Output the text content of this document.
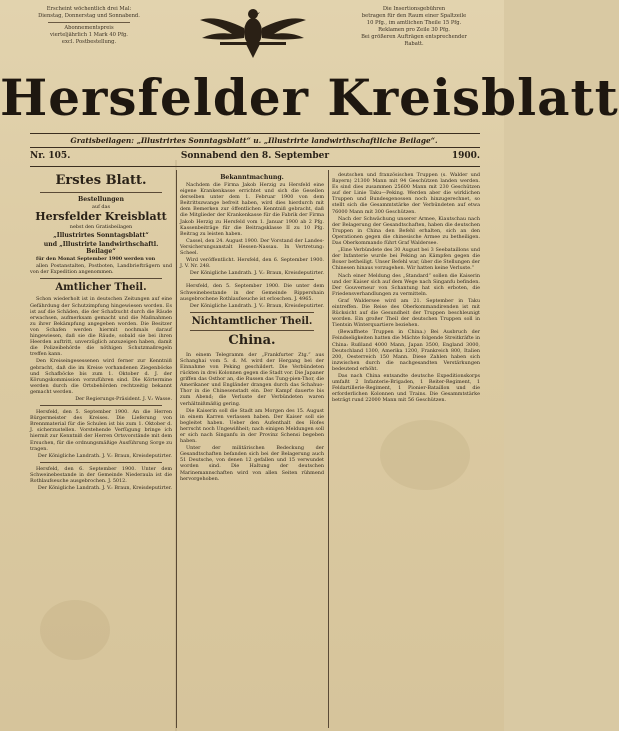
Erscheint wöchentlich drei Mal:

Dienstag, Donnerstag und Sonnabend.

Abonnementspreis

vierteljährlich 1 Mark 40 Pfg.

excl. Postbestellung.

Die Insertionsgebühren

betragen für den Raum einer Spaltzeile

10 Pfg., im amtlichen Theile 15 Pfg.

Reklamen pro Zeile 30 Pfg.

Bei größeren Aufträgen entsprechender

Rabatt.

Hersfelder Kreisblatt
Gratisbeilagen: „Illustrirtes Sonntagsblatt“ u. „Illustrirte landwirthschaftliche Beilage“.
Nr. 105.	Sonnabend den 8. September	1900.
Erstes Blatt.
Bestellungen
auf das
Hersfelder Kreisblatt
nebst den Gratisbeilagen
„Illustrirtes Sonntagsblatt“
und „Illustrirte landwirthschaftl. Beilage“

für den Monat September 1900 werden von

allen Postanstalten, Postboten, Landbriefträgern und von der Expedition angenommen.

Amtlicher Theil.

Schon wiederholt ist in deutschen Zeitungen auf eine Gefährdung der Schutzimpfung hingewiesen worden. Es ist auf die Schäden, die der Schafzucht durch die Räude erwachsen, aufmerksam gemacht und die Maßnahmen zu ihrer Bekämpfung angegeben worden. Die Besitzer von Schafen werden hiermit nochmals darauf hingewiesen, daß sie die Räude, sobald sie bei ihren Heerden auftritt, unverzüglich anzuzeigen haben, damit die Polizeibehörde die nöthigen Schutzmaßregeln treffen kann.

Den Kreiseingesessenen wird ferner zur Kenntniß gebracht, daß die im Kreise vorhandenen Ziegenböcke und Schafböcke bis zum 1. Oktober d. J. der Körungskommission vorzuführen sind. Die Körtermine werden durch die Ortsbehörden rechtzeitig bekannt gemacht werden.

Der Regierungs-Präsident. J. V.: Wasse.

Hersfeld, den 5. September 1900. An die Herren Bürgermeister des Kreises. Die Lieferung von Brennmaterial für die Schulen ist bis zum 1. Oktober d. J. sicherzustellen. Vorstehende Verfügung bringe ich hiermit zur Kenntniß der Herren Ortsvorstände mit dem Ersuchen, für die ordnungsmäßige Ausführung Sorge zu tragen.

Der Königliche Landrath. J. V.: Braun, Kreisdeputirter.

Hersfeld, den 6. September 1900. Unter dem Schweinebestande in der Gemeinde Niederaula ist die Rothlaufseuche ausgebrochen. J. 5012.

Der Königliche Landrath. J. V.: Braun, Kreisdeputirter.

Bekanntmachung.

Nachdem die Firma Jakob Herzig zu Hersfeld eine eigene Krankenkasse errichtet und sich die Gesellen derselben unter dem 1. Februar 1900 von dem Beitrittszwange befreit haben, wird dies hierdurch mit dem Bemerken zur öffentlichen Kenntniß gebracht, daß die Mitglieder der Krankenkasse für die Fabrik der Firma Jakob Herzig zu Hersfeld vom 1. Januar 1900 ab 2 Pfg. Kassenbeiträge für die Beitragsklasse II zu 10 Pfg. Beitrag zu leisten haben.

Cassel, den 24. August 1900. Der Vorstand der Landes-Versicherungsanstalt Hessen-Nassau. In Vertretung: Scheel.

Wird veröffentlicht. Hersfeld, den 6. September 1900. J. V. Nr. 248.

Der Königliche Landrath. J. V.: Braun, Kreisdeputirter.

Hersfeld, den 5. September 1900. Die unter dem Schweinebestande in der Gemeinde Rippershain ausgebrochene Rothlaufseuche ist erloschen. J. 4965.

Der Königliche Landrath. J. V.: Braun, Kreisdeputirter.

Nichtamtlicher Theil.
China.

In einem Telegramm der „Frankfurter Ztg.“ aus Schanghai vom 5. d. M. wird der Hergang bei der Einnahme von Peking geschildert. Die Verbündeten rückten in drei Kolonnen gegen die Stadt vor. Die Japaner griffen das Osthor an, die Russen das Tung-pien-Thor, die Amerikaner und Engländer drangen durch das Schahuo-Thor in die Chinesenstadt ein. Der Kampf dauerte bis zum Abend; die Verluste der Verbündeten waren verhältnißmäßig gering.

Die Kaiserin soll die Stadt am Morgen des 15. August in einem Karren verlassen haben. Der Kaiser soll sie begleitet haben. Ueber den Aufenthalt des Hofes herrscht noch Ungewißheit; nach einigen Meldungen soll er sich nach Singanfu in der Provinz Schensi begeben haben.

Unter der militärischen Bedeckung der Gesandtschaften befanden sich bei der Belagerung auch 51 Deutsche, von denen 12 gefallen und 15 verwundet worden sind. Die Haltung der deutschen Marinemannschaften wird von allen Seiten rühmend hervorgehoben.

deutschen und französischen Truppen (s. Walder und Bayern) 21300 Mann mit 94 Geschützen landen werden. Es sind dies zusammen 25600 Mann mit 230 Geschützen auf der Linie Taku—Peking. Werden aber die wirklichen Truppen und Bundesgenossen noch hinzugerechnet, so stellt sich die Gesammtstärke der Verbündeten auf etwa 76000 Mann mit 300 Geschützen.

Nach der Schwächung unserer Armee, Kiautschau nach der Belagerung der Gesandtschaften, haben die deutschen Truppen in China den Befehl erhalten, sich an den Operationen gegen die chinesische Armee zu betheiligen. Das Oberkommando führt Graf Waldersee.

„Eine Verbündete des 30 August bei 3 Seebataillons und der Infanterie wurde bei Peking an Kämpfen gegen die Boxer betheiligt. Unser Befehl war, über die Stellungen der Chinesen hinaus vorzugehen. Wir hatten keine Verluste.“

Nach einer Meldung des „Standard“ sollen die Kaiserin und der Kaiser sich auf dem Wege nach Singanfu befinden. Der Gouverneur von Schantung hat sich erboten, die Friedensverhandlungen zu vermitteln.

Graf Waldersee wird am 21. September in Taku eintreffen. Die Reise des Oberkommandirenden ist mit Rücksicht auf die Gesundheit der Truppen beschleunigt worden. Ein großer Theil der deutschen Truppen soll in Tientsin Winterquartiere beziehen.

(Bewaffnete Truppen in China.) Bei Ausbruch der Feindseligkeiten hatten die Mächte folgende Streitkräfte in China: Rußland 4000 Mann, Japan 3500, England 3000, Deutschland 1300, Amerika 1200, Frankreich 800, Italien 200, Oesterreich 150 Mann. Diese Zahlen haben sich inzwischen durch die nachgesandten Verstärkungen bedeutend erhöht.

Das nach China entsandte deutsche Expeditionskorps umfaßt 2 Infanterie-Brigaden, 1 Reiter-Regiment, 1 Feldartillerie-Regiment, 1 Pionier-Bataillon und die erforderlichen Kolonnen und Trains. Die Gesammtstärke beträgt rund 22000 Mann mit 56 Geschützen.
